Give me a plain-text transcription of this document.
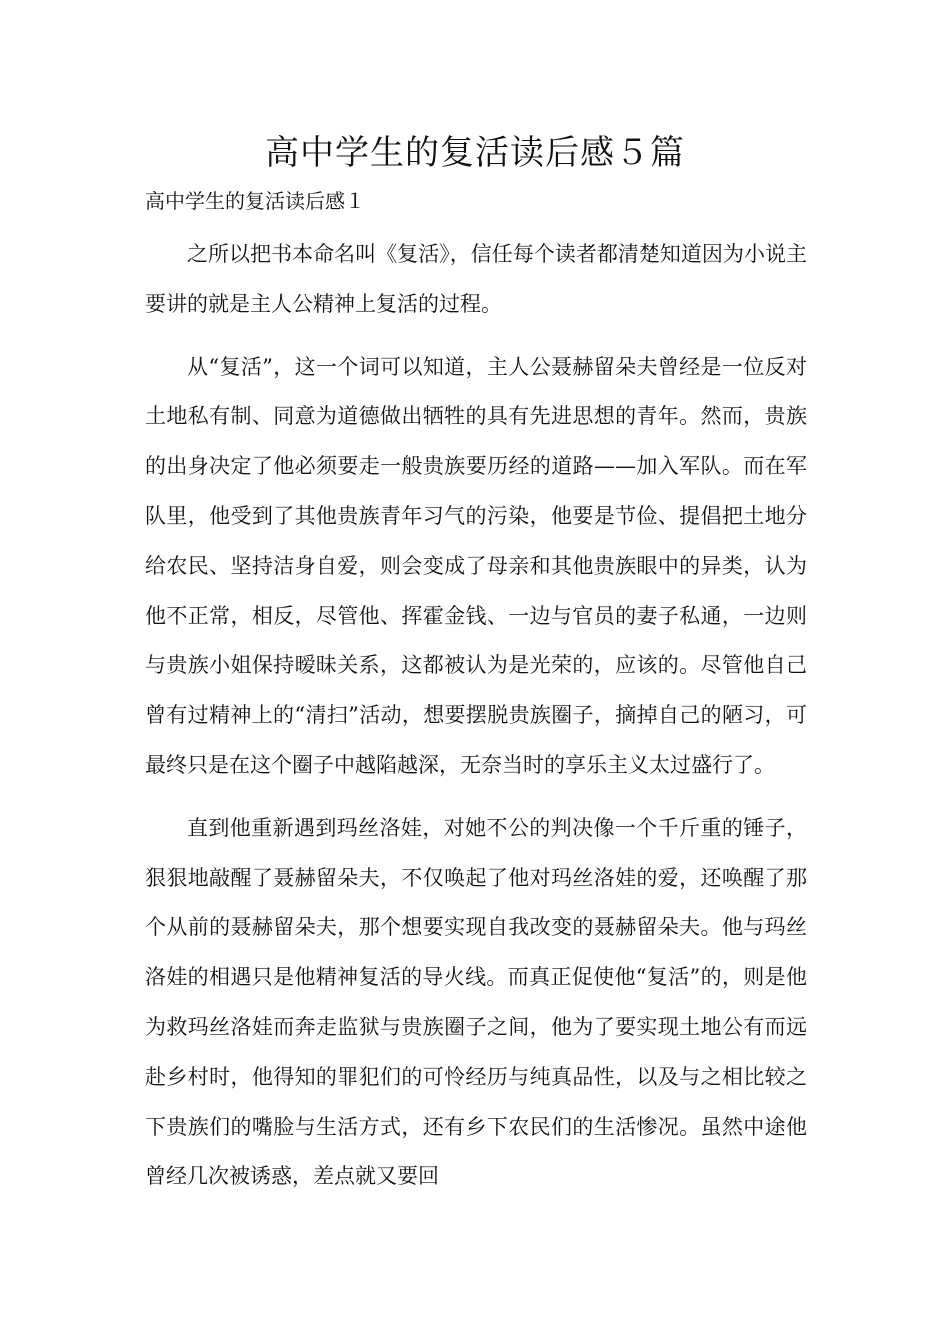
高中学生的复活读后感５篇
高中学生的复活读后感１

之所以把书本命名叫《复活》，信任每个读者都清楚知道因为小说主要讲的就是主人公精神上复活的过程。

从“复活”，这一个词可以知道，主人公聂赫留朵夫曾经是一位反对土地私有制、同意为道德做出牺牲的具有先进思想的青年。然而，贵族的出身决定了他必须要走一般贵族要历经的道路——加入军队。而在军队里，他受到了其他贵族青年习气的污染，他要是节俭、提倡把土地分给农民、坚持洁身自爱，则会变成了母亲和其他贵族眼中的异类，认为他不正常，相反，尽管他、挥霍金钱、一边与官员的妻子私通，一边则与贵族小姐保持暧昧关系，这都被认为是光荣的，应该的。尽管他自己曾有过精神上的“清扫”活动，想要摆脱贵族圈子，摘掉自己的陋习，可最终只是在这个圈子中越陷越深，无奈当时的享乐主义太过盛行了。

直到他重新遇到玛丝洛娃，对她不公的判决像一个千斤重的锤子，狠狠地敲醒了聂赫留朵夫，不仅唤起了他对玛丝洛娃的爱，还唤醒了那个从前的聂赫留朵夫，那个想要实现自我改变的聂赫留朵夫。他与玛丝洛娃的相遇只是他精神复活的导火线。而真正促使他“复活”的，则是他为救玛丝洛娃而奔走监狱与贵族圈子之间，他为了要实现土地公有而远赴乡村时，他得知的罪犯们的可怜经历与纯真品性，以及与之相比较之下贵族们的嘴脸与生活方式，还有乡下农民们的生活惨况。虽然中途他曾经几次被诱惑，差点就又要回
